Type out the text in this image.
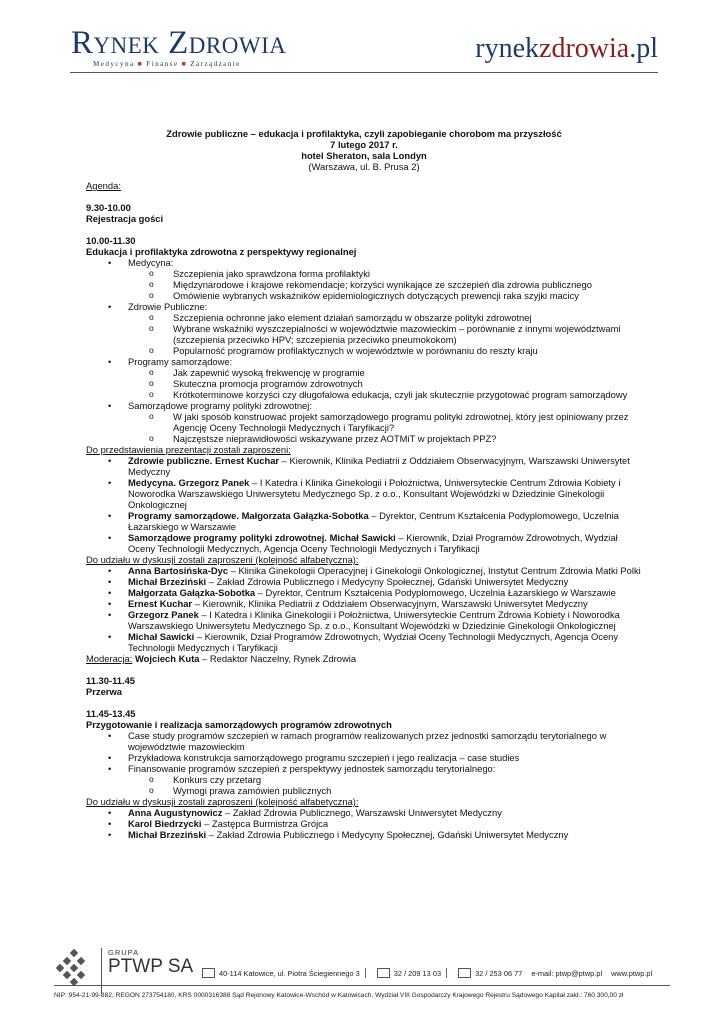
Rynek Zdrowia
Medycyna ■ Finanse ■ Zarządzanie	rynekzdrowia.pl
Zdrowie publiczne – edukacja i profilaktyka, czyli zapobieganie chorobom ma przyszłość
7 lutego 2017 r.
hotel Sheraton, sala Londyn
(Warszawa, ul. B. Prusa 2)
Agenda:
9.30-10.00
Rejestracja gości
10.00-11.30
Edukacja i profilaktyka zdrowotna z perspektywy regionalnej
• Medycyna:
o Szczepienia jako sprawdzona forma profilaktyki
o Międzynarodowe i krajowe rekomendacje; korzyści wynikające ze szczepień dla zdrowia publicznego
o Omówienie wybranych wskaźników epidemiologicznych dotyczących prewencji raka szyjki macicy
• Zdrowie Publiczne:
o Szczepienia ochronne jako element działań samorządu w obszarze polityki zdrowotnej
o Wybrane wskaźniki wyszczepialności w województwie mazowieckim – porównanie z innymi województwami (szczepienia przeciwko HPV; szczepienia przeciwko pneumokokom)
o Popularność programów profilaktycznych w województwie w porównaniu do reszty kraju
• Programy samorządowe:
o Jak zapewnić wysoką frekwencję w programie
o Skuteczna promocja programów zdrowotnych
o Krótkoterminowe korzyści czy długofalowa edukacja, czyli jak skutecznie przygotować program samorządowy
• Samorządowe programy polityki zdrowotnej:
o W jaki sposób konstruować projekt samorządowego programu polityki zdrowotnej, który jest opiniowany przez Agencję Oceny Technologii Medycznych i Taryfikacji?
o Najczęstsze nieprawidłowości wskazywane przez AOTMiT w projektach PPZ?
Do przedstawienia prezentacji zostali zaproszeni:
• Zdrowie publiczne. Ernest Kuchar – Kierownik, Klinika Pediatrii z Oddziałem Obserwacyjnym, Warszawski Uniwersytet Medyczny
• Medycyna. Grzegorz Panek – I Katedra i Klinika Ginekologii i Położnictwa, Uniwersyteckie Centrum Zdrowia Kobiety i Noworodka Warszawskiego Uniwersytetu Medycznego Sp. z o.o., Konsultant Wojewódzki w Dziedzinie Ginekologii Onkologicznej
• Programy samorządowe. Małgorzata Gałązka-Sobotka – Dyrektor, Centrum Kształcenia Podyplomowego, Uczelnia Łazarskiego w Warszawie
• Samorządowe programy polityki zdrowotnej. Michał Sawicki – Kierownik, Dział Programów Zdrowotnych, Wydział Oceny Technologii Medycznych, Agencja Oceny Technologii Medycznych i Taryfikacji
Do udziału w dyskusji zostali zaproszeni (kolejność alfabetyczna):
• Anna Bartosińska-Dyc – Klinika Ginekologii Operacyjnej i Ginekologii Onkologicznej, Instytut Centrum Zdrowia Matki Polki
• Michał Brzeziński – Zakład Zdrowia Publicznego i Medycyny Społecznej, Gdański Uniwersytet Medyczny
• Małgorzata Gałązka-Sobotka – Dyrektor, Centrum Kształcenia Podyplomowego, Uczelnia Łazarskiego w Warszawie
• Ernest Kuchar – Kierownik, Klinika Pediatrii z Oddziałem Obserwacyjnym, Warszawski Uniwersytet Medyczny
• Grzegorz Panek – I Katedra i Klinika Ginekologii i Położnictwa, Uniwersyteckie Centrum Zdrowia Kobiety i Noworodka Warszawskiego Uniwersytetu Medycznego Sp. z o.o., Konsultant Wojewódzki w Dziedzinie Ginekologii Onkologicznej
• Michał Sawicki – Kierownik, Dział Programów Zdrowotnych, Wydział Oceny Technologii Medycznych, Agencja Oceny Technologii Medycznych i Taryfikacji
Moderacja: Wojciech Kuta – Redaktor Naczelny, Rynek Zdrowia
11.30-11.45
Przerwa
11.45-13.45
Przygotowanie i realizacja samorządowych programów zdrowotnych
• Case study programów szczepień w ramach programów realizowanych przez jednostki samorządu terytorialnego w województwie mazowieckim
• Przykładowa konstrukcja samorządowego programu szczepień i jego realizacja – case studies
• Finansowanie programów szczepień z perspektywy jednostek samorządu terytorialnego:
o Konkurs czy przetarg
o Wymogi prawa zamówień publicznych
Do udziału w dyskusji zostali zaproszeni (kolejność alfabetyczna):
• Anna Augustynowicz – Zakład Zdrowia Publicznego, Warszawski Uniwersytet Medyczny
• Karol Biedrzycki – Zastępca Burmistrza Grójca
• Michał Brzeziński – Zakład Zdrowia Publicznego i Medycyny Społecznej, Gdański Uniwersytet Medyczny
GRUPA
PTWP SA	40-114 Katowice, ul. Piotra Ściegiennego 3	32 / 209 13 03	32 / 253 06 77 e-mail: ptwp@ptwp.pl www.ptwp.pl
NIP: 954-21-99-882, REGON 273754180, KRS 0000316388 Sąd Rejonowy Katowice-Wschód w Katowicach, Wydział VIII Gospodarczy Krajowego Rejestru Sądowego Kapitał zakł.: 760 300,00 zł
